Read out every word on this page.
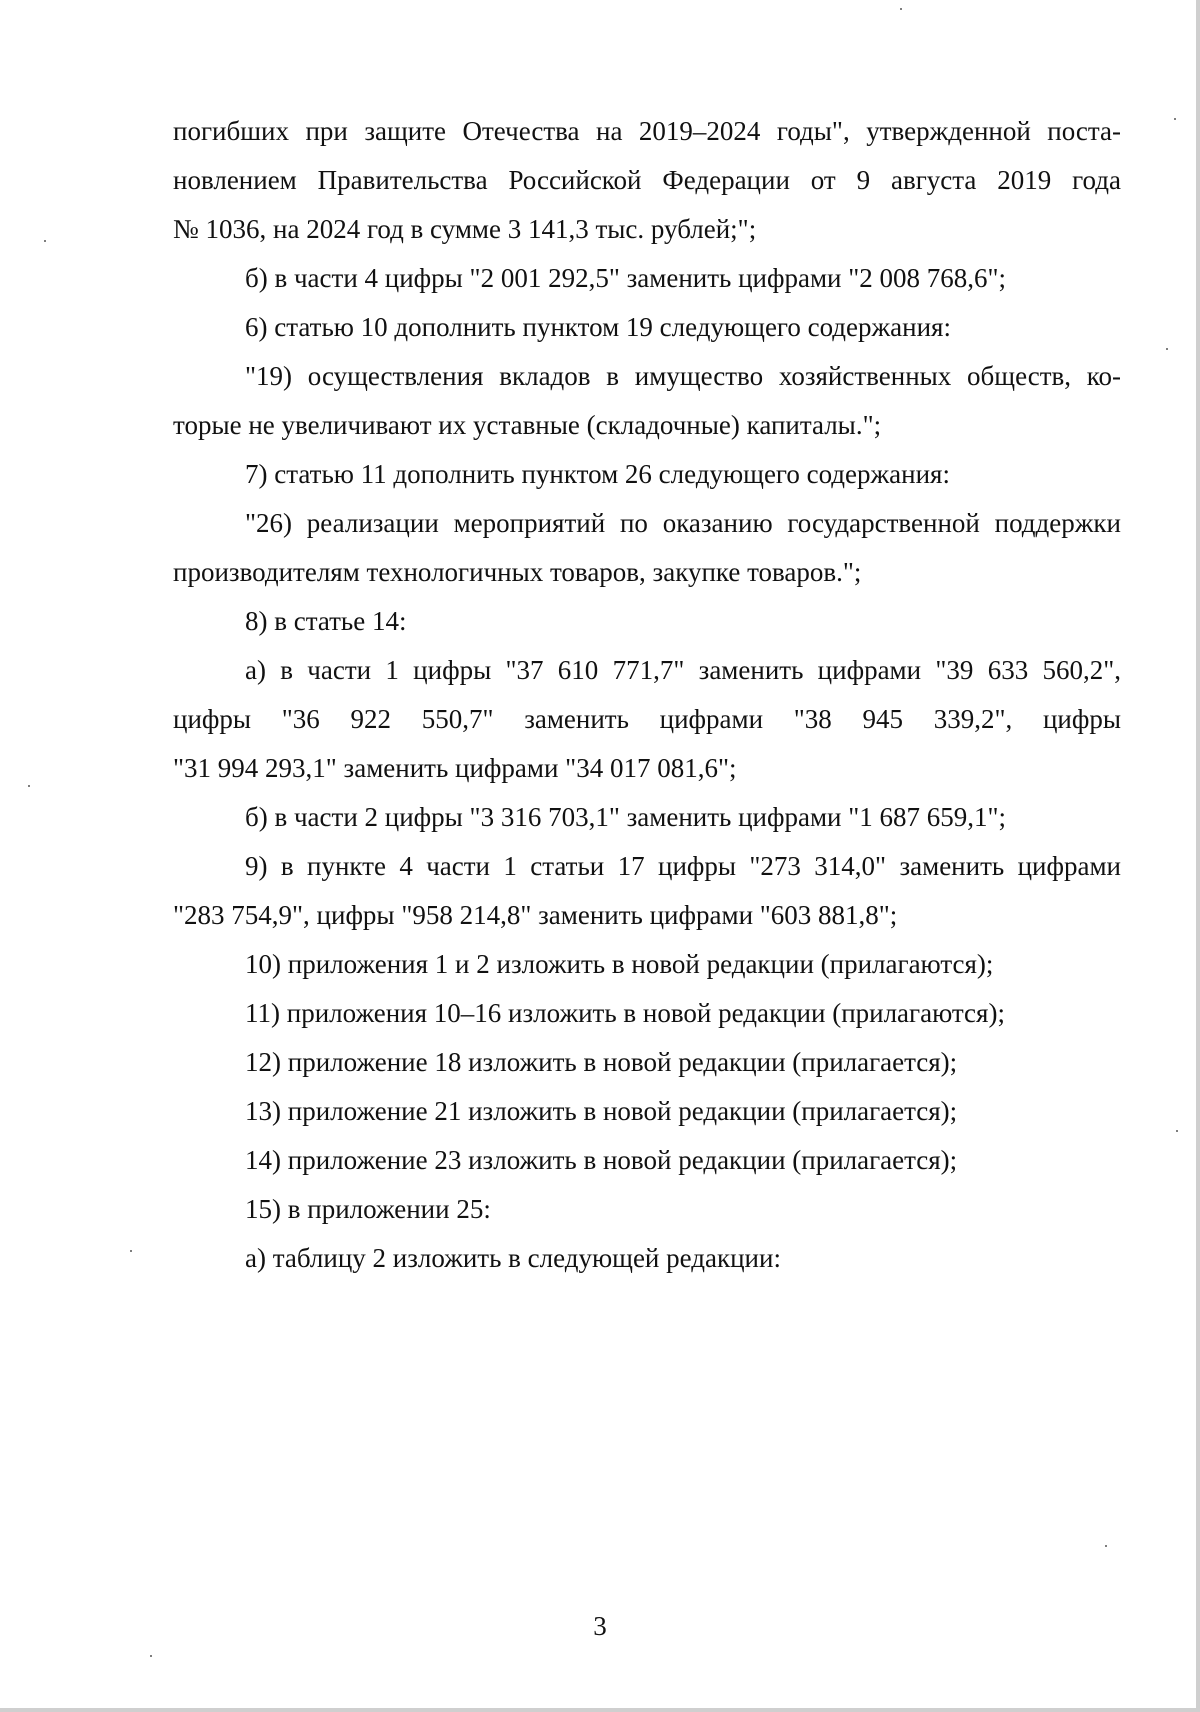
погибших при защите Отечества на 2019–2024 годы", утвержденной поста-
новлением Правительства Российской Федерации от 9 августа 2019 года
№ 1036, на 2024 год в сумме 3 141,3 тыс. рублей;";
б) в части 4 цифры "2 001 292,5" заменить цифрами "2 008 768,6";
6) статью 10 дополнить пунктом 19 следующего содержания:
"19) осуществления вкладов в имущество хозяйственных обществ, ко-
торые не увеличивают их уставные (складочные) капиталы.";
7) статью 11 дополнить пунктом 26 следующего содержания:
"26) реализации мероприятий по оказанию государственной поддержки
производителям технологичных товаров, закупке товаров.";
8) в статье 14:
а) в части 1 цифры "37 610 771,7" заменить цифрами "39 633 560,2",
цифры "36 922 550,7" заменить цифрами "38 945 339,2", цифры
"31 994 293,1" заменить цифрами "34 017 081,6";
б) в части 2 цифры "3 316 703,1" заменить цифрами "1 687 659,1";
9) в пункте 4 части 1 статьи 17 цифры "273 314,0" заменить цифрами
"283 754,9", цифры "958 214,8" заменить цифрами "603 881,8";
10) приложения 1 и 2 изложить в новой редакции (прилагаются);
11) приложения 10–16 изложить в новой редакции (прилагаются);
12) приложение 18 изложить в новой редакции (прилагается);
13) приложение 21 изложить в новой редакции (прилагается);
14) приложение 23 изложить в новой редакции (прилагается);
15) в приложении 25:
а) таблицу 2 изложить в следующей редакции:
3
